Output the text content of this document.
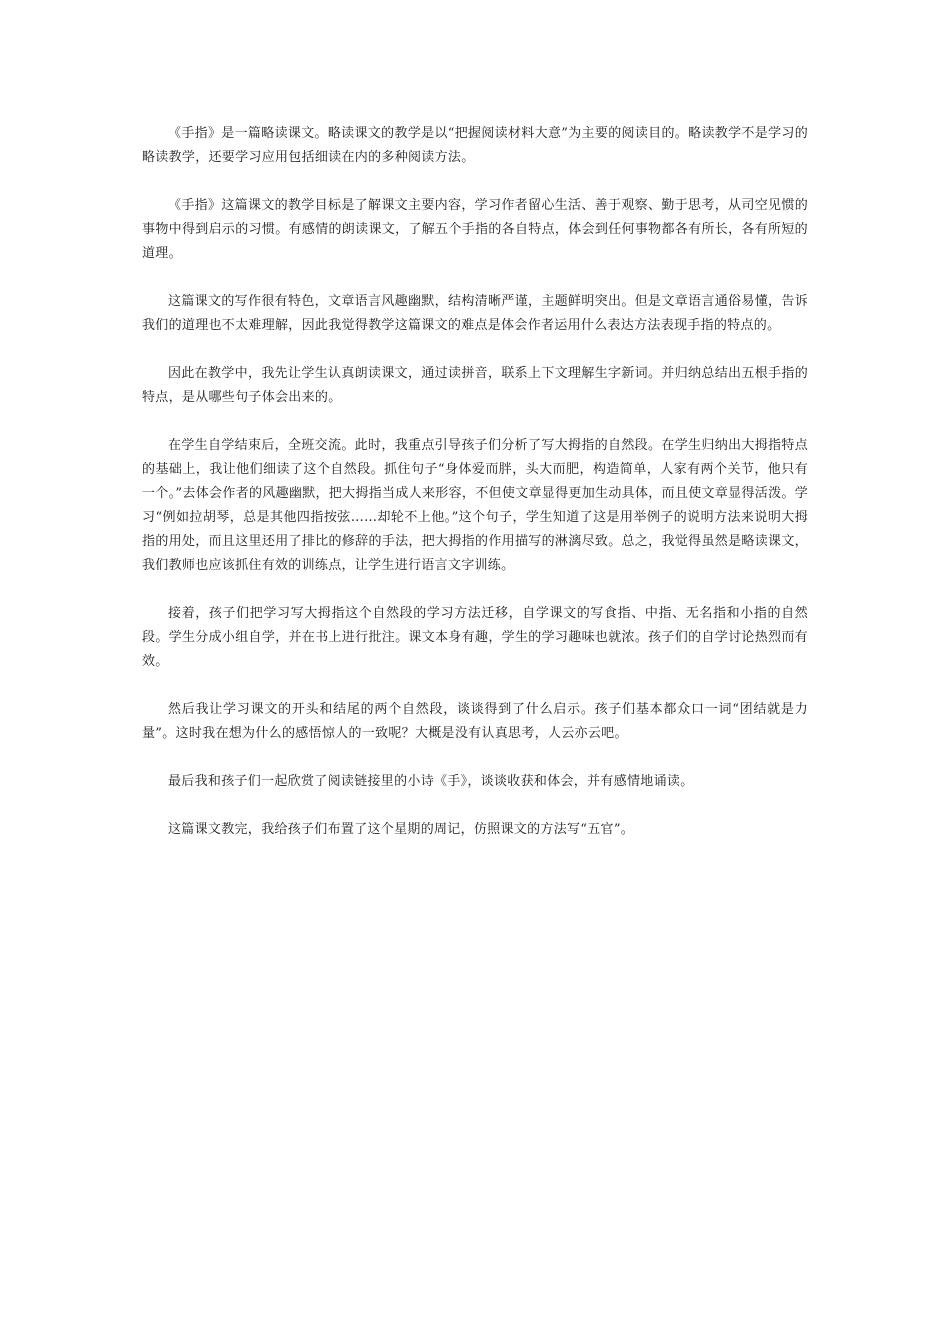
《手指》是一篇略读课文。略读课文的教学是以“把握阅读材料大意”为主要的阅读目的。略读教学不是学习的略读教学，还要学习应用包括细读在内的多种阅读方法。

《手指》这篇课文的教学目标是了解课文主要内容，学习作者留心生活、善于观察、勤于思考，从司空见惯的事物中得到启示的习惯。有感情的朗读课文，了解五个手指的各自特点，体会到任何事物都各有所长，各有所短的道理。

这篇课文的写作很有特色，文章语言风趣幽默，结构清晰严谨，主题鲜明突出。但是文章语言通俗易懂，告诉我们的道理也不太难理解，因此我觉得教学这篇课文的难点是体会作者运用什么表达方法表现手指的特点的。

因此在教学中，我先让学生认真朗读课文，通过读拼音，联系上下文理解生字新词。并归纳总结出五根手指的特点，是从哪些句子体会出来的。

在学生自学结束后，全班交流。此时，我重点引导孩子们分析了写大拇指的自然段。在学生归纳出大拇指特点的基础上，我让他们细读了这个自然段。抓住句子“身体爱而胖，头大而肥，构造简单，人家有两个关节，他只有一个。”去体会作者的风趣幽默，把大拇指当成人来形容，不但使文章显得更加生动具体，而且使文章显得活泼。学习“例如拉胡琴，总是其他四指按弦……却轮不上他。”这个句子，学生知道了这是用举例子的说明方法来说明大拇指的用处，而且这里还用了排比的修辞的手法，把大拇指的作用描写的淋漓尽致。总之，我觉得虽然是略读课文，我们教师也应该抓住有效的训练点，让学生进行语言文字训练。

接着，孩子们把学习写大拇指这个自然段的学习方法迁移，自学课文的写食指、中指、无名指和小指的自然段。学生分成小组自学，并在书上进行批注。课文本身有趣，学生的学习趣味也就浓。孩子们的自学讨论热烈而有效。

然后我让学习课文的开头和结尾的两个自然段，谈谈得到了什么启示。孩子们基本都众口一词“团结就是力量”。这时我在想为什么的感悟惊人的一致呢？大概是没有认真思考，人云亦云吧。

最后我和孩子们一起欣赏了阅读链接里的小诗《手》，谈谈收获和体会，并有感情地诵读。

这篇课文教完，我给孩子们布置了这个星期的周记，仿照课文的方法写“五官”。
